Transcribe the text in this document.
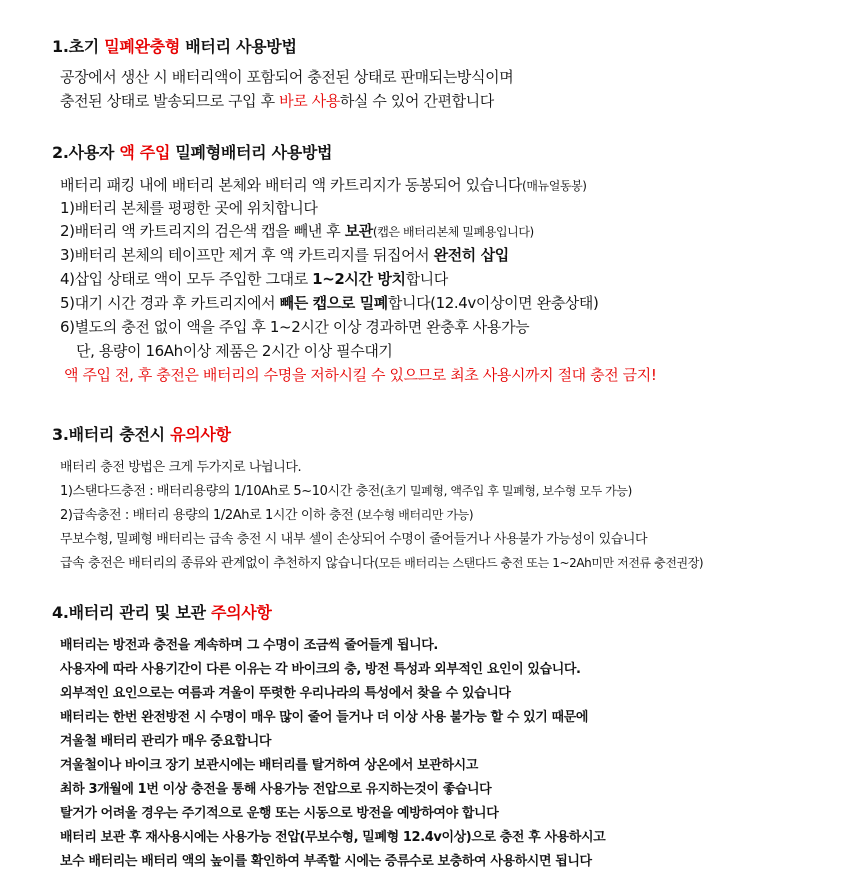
1.초기 밀폐완충형 배터리 사용방법
공장에서 생산 시 배터리액이 포함되어 충전된 상태로 판매되는방식이며
충전된 상태로 발송되므로 구입 후 바로 사용하실 수 있어 간편합니다
2.사용자 액 주입 밀폐형배터리 사용방법
배터리 패킹 내에 배터리 본체와 배터리 액 카트리지가 동봉되어 있습니다(매뉴얼동봉)
1)배터리 본체를 평평한 곳에 위치합니다
2)배터리 액 카트리지의 검은색 캡을 빼낸 후 보관(캡은 배터리본체 밀폐용입니다)
3)배터리 본체의 테이프만 제거 후 액 카트리지를 뒤집어서 완전히 삽입
4)삽입 상태로 액이 모두 주입한 그대로 1~2시간 방치합니다
5)대기 시간 경과 후 카트리지에서 빼든 캡으로 밀폐합니다(12.4v이상이면 완충상태)
6)별도의 충전 없이 액을 주입 후 1~2시간 이상 경과하면 완충후 사용가능
단, 용량이 16Ah이상 제품은 2시간 이상 필수대기
액 주입 전, 후 충전은 배터리의 수명을 저하시킬 수 있으므로 최초 사용시까지 절대 충전 금지!
3.배터리 충전시 유의사항
배터리 충전 방법은 크게 두가지로 나뉩니다.
1)스탠다드충전 : 배터리용량의 1/10Ah로 5~10시간 충전(초기 밀폐형, 액주입 후 밀폐형, 보수형 모두 가능)
2)급속충전 : 배터리 용량의 1/2Ah로 1시간 이하 충전 (보수형 배터리만 가능)
무보수형, 밀폐형 배터리는 급속 충전 시 내부 셀이 손상되어 수명이 줄어들거나 사용불가 가능성이 있습니다
급속 충전은 배터리의 종류와 관계없이 추천하지 않습니다(모든 배터리는 스탠다드 충전 또는 1~2Ah미만 저전류 충전권장)
4.배터리 관리 및 보관 주의사항
배터리는 방전과 충전을 계속하며 그 수명이 조금씩 줄어들게 됩니다.
사용자에 따라 사용기간이 다른 이유는 각 바이크의 충, 방전 특성과 외부적인 요인이 있습니다.
외부적인 요인으로는 여름과 겨울이 뚜렷한 우리나라의 특성에서 찾을 수 있습니다
배터리는 한번 완전방전 시 수명이 매우 많이 줄어 들거나 더 이상 사용 불가능 할 수 있기 때문에
겨울철 배터리 관리가 매우 중요합니다
겨울철이나 바이크 장기 보관시에는 배터리를 탈거하여 상온에서 보관하시고
최하 3개월에 1번 이상 충전을 통해 사용가능 전압으로 유지하는것이 좋습니다
탈거가 어려울 경우는 주기적으로 운행 또는 시동으로 방전을 예방하여야 합니다
배터리 보관 후 재사용시에는 사용가능 전압(무보수형, 밀폐형 12.4v이상)으로 충전 후 사용하시고
보수 배터리는 배터리 액의 높이를 확인하여 부족할 시에는 증류수로 보충하여 사용하시면 됩니다
